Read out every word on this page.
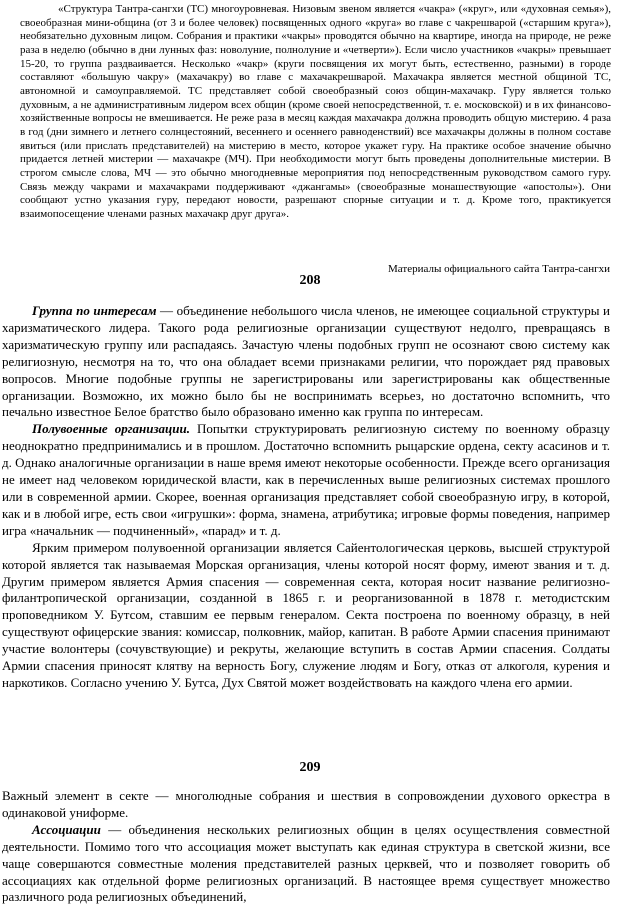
«Структура Тантра-сангхи (ТС) многоуровневая. Низовым звеном является «чакра» («круг», или «духовная семья»), своеобразная мини-община (от 3 и более человек) посвященных одного «круга» во главе с чакрешварой («старшим круга»), необязательно духовным лицом. Собрания и практики «чакры» проводятся обычно на квартире, иногда на природе, не реже раза в неделю (обычно в дни лунных фаз: новолуние, полнолуние и «четверти»). Если число участников «чакры» превышает 15-20, то группа раздваивается. Несколько «чакр» (круги посвящения их могут быть, естественно, разными) в городе составляют «большую чакру» (махачакру) во главе с махачакрешварой. Махачакра является местной общиной ТС, автономной и самоуправляемой. ТС представляет собой своеобразный союз общин-махачакр. Гуру является только духовным, а не административным лидером всех общин (кроме своей непосредственной, т. е. московской) и в их финансово-хозяйственные вопросы не вмешивается. Не реже раза в месяц каждая махачакра должна проводить общую мистерию. 4 раза в год (дни зимнего и летнего солнцестояний, весеннего и осеннего равноденствий) все махачакры должны в полном составе явиться (или прислать представителей) на мистерию в место, которое укажет гуру. На практике особое значение обычно придается летней мистерии — махачакре (МЧ). При необходимости могут быть проведены дополнительные мистерии. В строгом смысле слова, МЧ — это обычно многодневные мероприятия под непосредственным руководством самого гуру. Связь между чакрами и махачакрами поддерживают «джангамы» (своеобразные монашествующие «апостолы»). Они сообщают устно указания гуру, передают новости, разрешают спорные ситуации и т. д. Кроме того, практикуется взаимопосещение членами разных махачакр друг друга».

Материалы официального сайта Тантра-сангхи
208

Группа по интересам — объединение небольшого числа членов, не имеющее социальной структуры и харизматического лидера. Такого рода религиозные организации существуют недолго, превращаясь в харизматическую группу или распадаясь. Зачастую члены подобных групп не осознают свою систему как религиозную, несмотря на то, что она обладает всеми признаками религии, что порождает ряд правовых вопросов. Многие подобные группы не зарегистрированы или зарегистрированы как общественные организации. Возможно, их можно было бы не воспринимать всерьез, но достаточно вспомнить, что печально известное Белое братство было образовано именно как группа по интересам.

Полувоенные организации. Попытки структурировать религиозную систему по военному образцу неоднократно предпринимались и в прошлом. Достаточно вспомнить рыцарские ордена, секту асасинов и т. д. Однако аналогичные организации в наше время имеют некоторые особенности. Прежде всего организация не имеет над человеком юридической власти, как в перечисленных выше религиозных системах прошлого или в современной армии. Скорее, военная организация представляет собой своеобразную игру, в которой, как и в любой игре, есть свои «игрушки»: форма, знамена, атрибутика; игровые формы поведения, например игра «начальник — подчиненный», «парад» и т. д.

Ярким примером полувоенной организации является Сайентологическая церковь, высшей структурой которой является так называемая Морская организация, члены которой носят форму, имеют звания и т. д. Другим примером является Армия спасения — современная секта, которая носит название религиозно-филантропической организации, созданной в 1865 г. и реорганизованной в 1878 г. методистским проповедником У. Бутсом, ставшим ее первым генералом. Секта построена по военному образцу, в ней существуют офицерские звания: комиссар, полковник, майор, капитан. В работе Армии спасения принимают участие волонтеры (сочувствующие) и рекруты, желающие вступить в состав Армии спасения. Солдаты Армии спасения приносят клятву на верность Богу, служение людям и Богу, отказ от алкоголя, курения и наркотиков. Согласно учению У. Бутса, Дух Святой может воздействовать на каждого члена его армии.

209

Важный элемент в секте — многолюдные собрания и шествия в сопровождении духового оркестра в одинаковой униформе.

Ассоциации — объединения нескольких религиозных общин в целях осуществления совместной деятельности. Помимо того что ассоциация может выступать как единая структура в светской жизни, все чаще совершаются совместные моления представителей разных церквей, что и позволяет говорить об ассоциациях как отдельной форме религиозных организаций. В настоящее время существует множество различного рода религиозных объединений,
